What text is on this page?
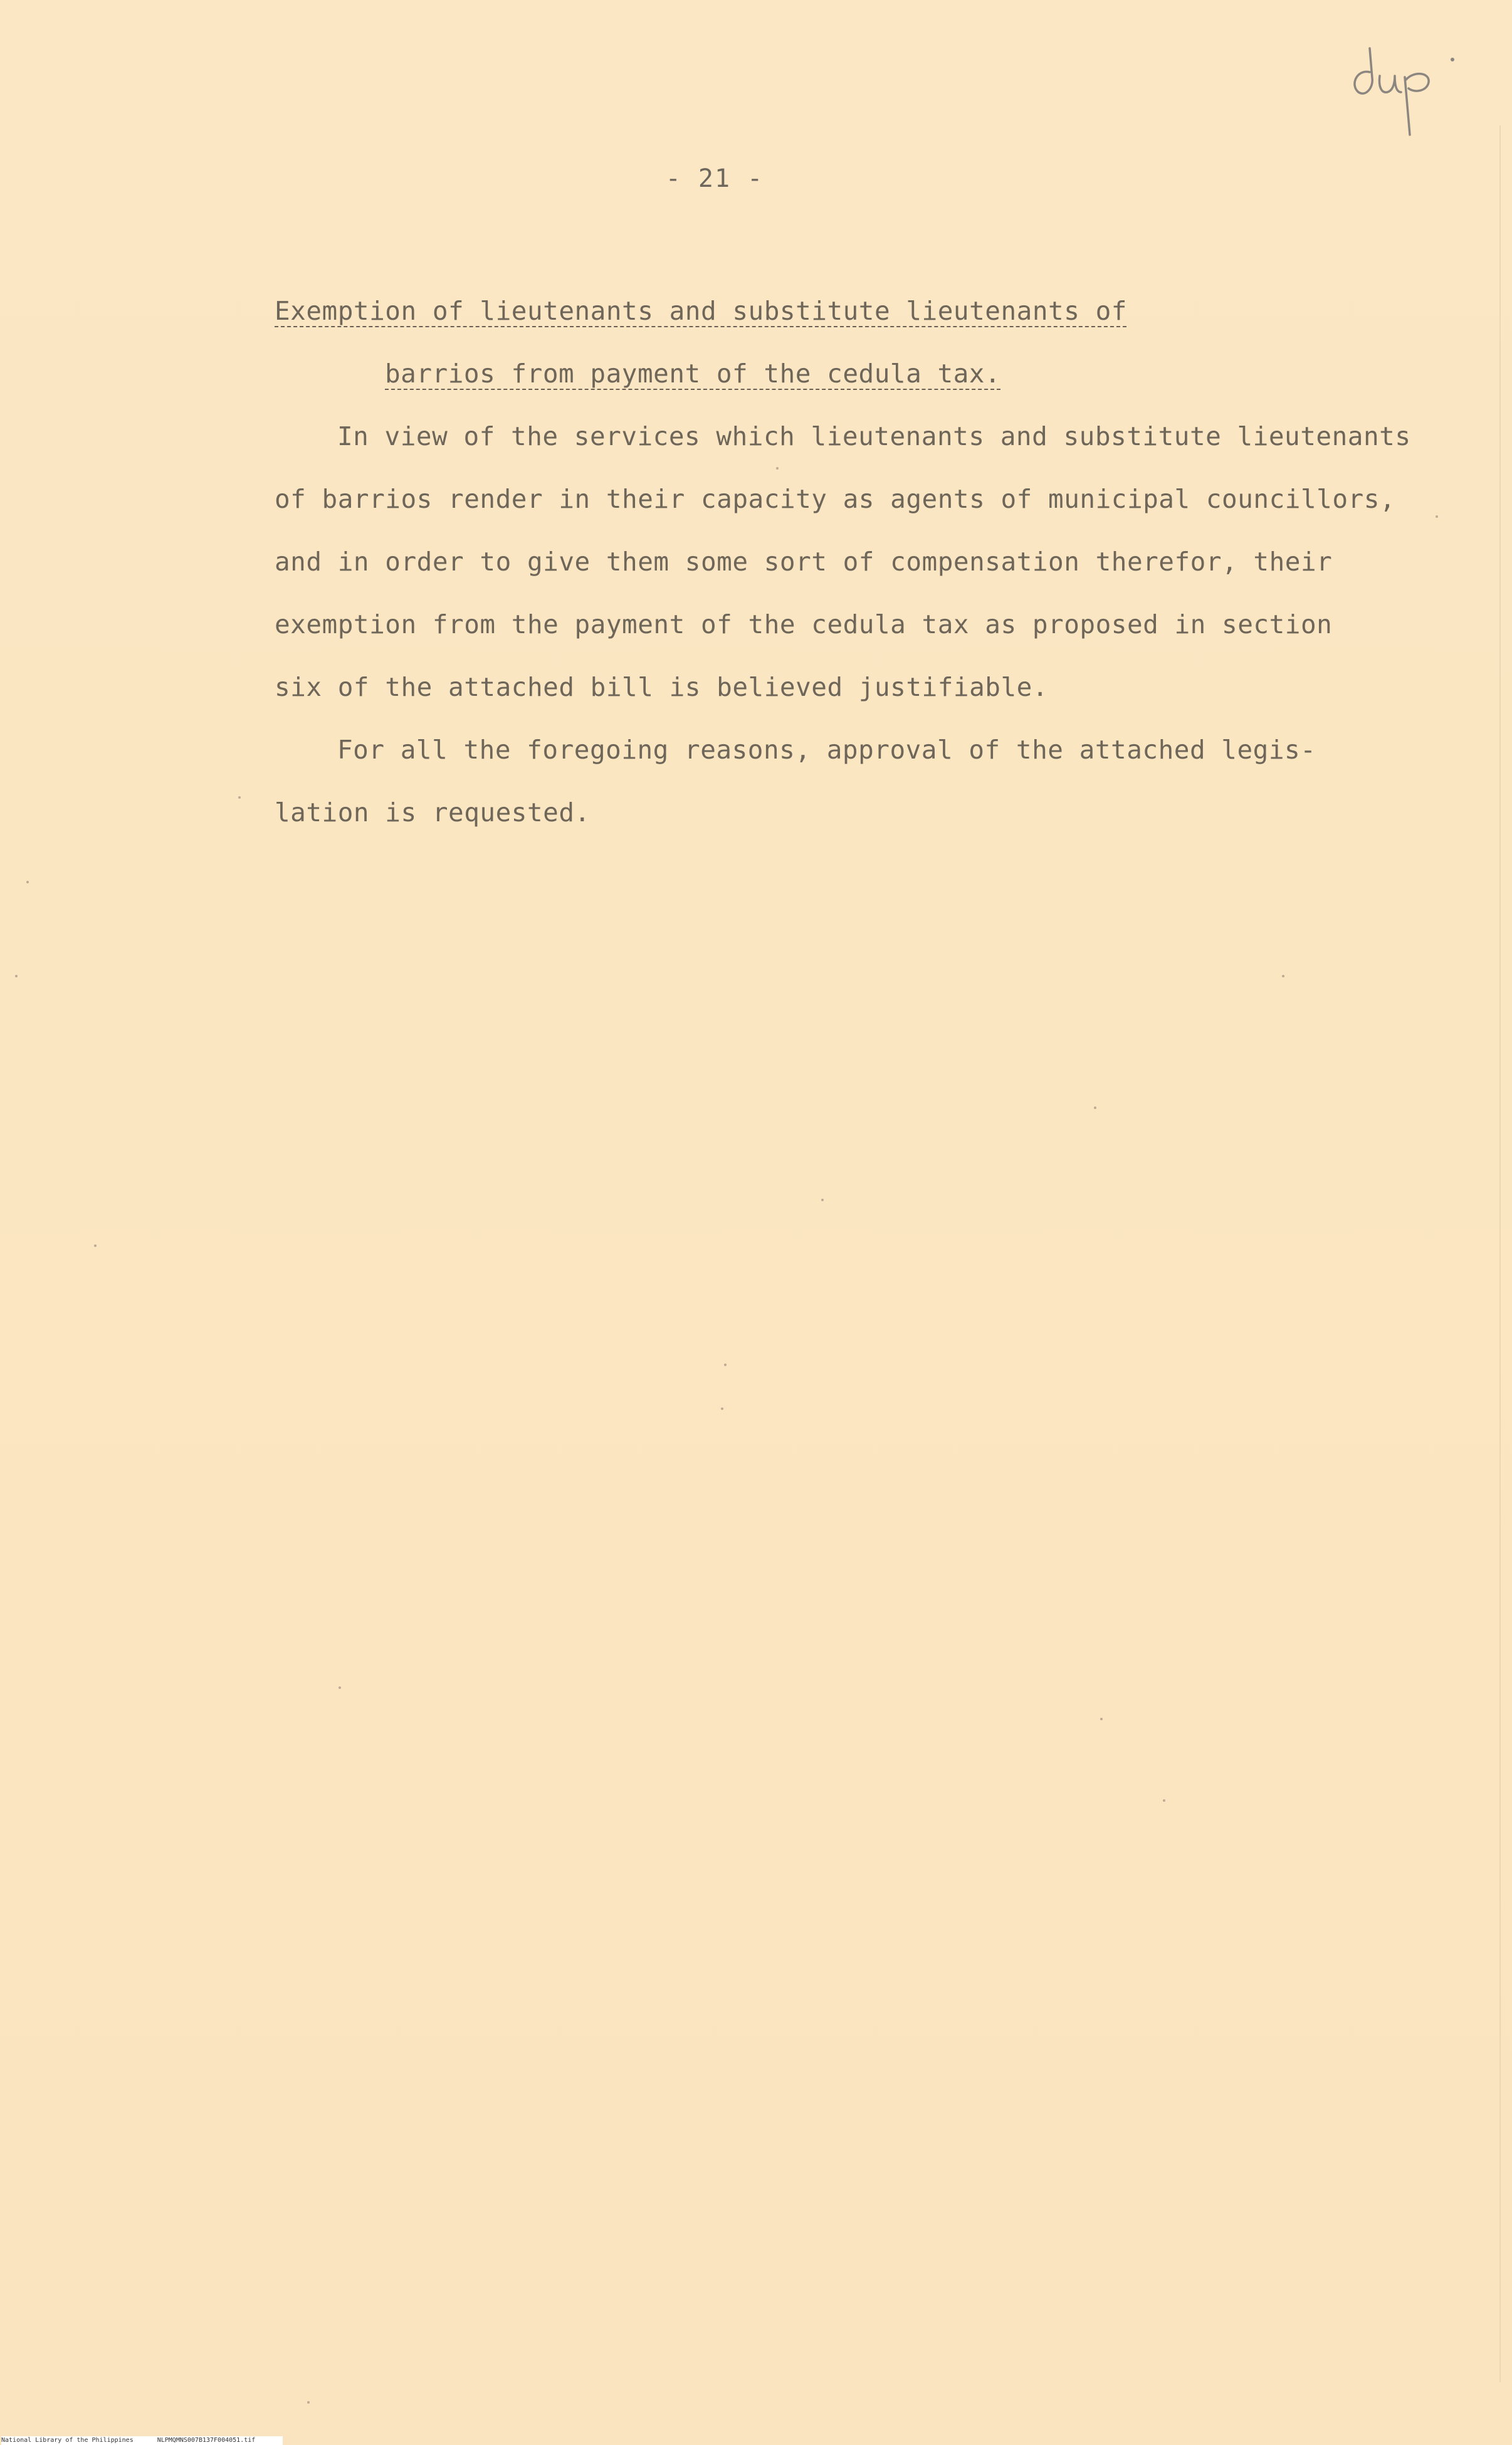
- 21 -
Exemption of lieutenants and substitute lieutenants of
barrios from payment of the cedula tax.
In view of the services which lieutenants and substitute lieutenants
of barrios render in their capacity as agents of municipal councillors,
and in order to give them some sort of compensation therefor, their
exemption from the payment of the cedula tax as proposed in section
six of the attached bill is believed justifiable.
For all the foregoing reasons, approval of the attached legis-
lation is requested.
National Library of the Philippines	NLPMQMNS007B137F004051.tif
